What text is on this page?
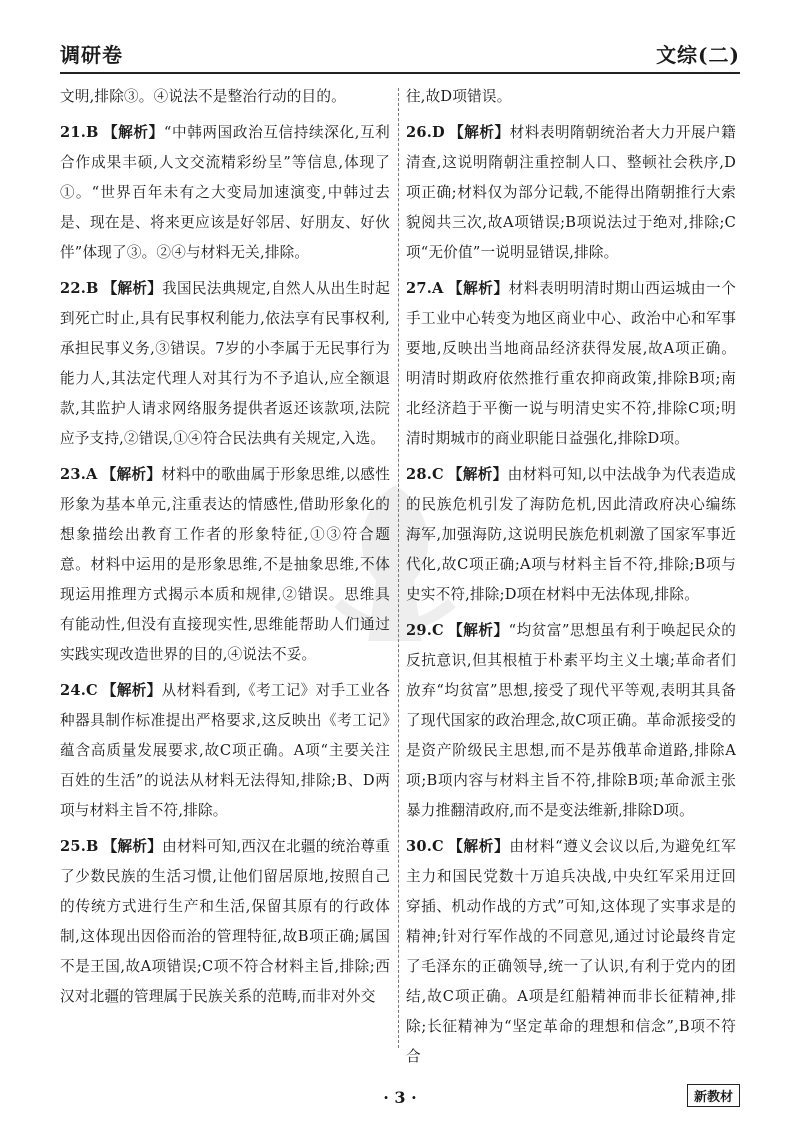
调研卷	文综(二)

文明,排除③。④说法不是整治行动的目的。

21.B 【解析】“中韩两国政治互信持续深化,互利合作成果丰硕,人文交流精彩纷呈”等信息,体现了①。“世界百年未有之大变局加速演变,中韩过去是、现在是、将来更应该是好邻居、好朋友、好伙伴”体现了③。②④与材料无关,排除。

22.B 【解析】我国民法典规定,自然人从出生时起到死亡时止,具有民事权利能力,依法享有民事权利,承担民事义务,③错误。7岁的小李属于无民事行为能力人,其法定代理人对其行为不予追认,应全额退款,其监护人请求网络服务提供者返还该款项,法院应予支持,②错误,①④符合民法典有关规定,入选。

23.A 【解析】材料中的歌曲属于形象思维,以感性形象为基本单元,注重表达的情感性,借助形象化的想象描绘出教育工作者的形象特征,①③符合题意。材料中运用的是形象思维,不是抽象思维,不体现运用推理方式揭示本质和规律,②错误。思维具有能动性,但没有直接现实性,思维能帮助人们通过实践实现改造世界的目的,④说法不妥。

24.C 【解析】从材料看到,《考工记》对手工业各种器具制作标准提出严格要求,这反映出《考工记》蕴含高质量发展要求,故C项正确。A项“主要关注百姓的生活”的说法从材料无法得知,排除;B、D两项与材料主旨不符,排除。

25.B 【解析】由材料可知,西汉在北疆的统治尊重了少数民族的生活习惯,让他们留居原地,按照自己的传统方式进行生产和生活,保留其原有的行政体制,这体现出因俗而治的管理特征,故B项正确;属国不是王国,故A项错误;C项不符合材料主旨,排除;西汉对北疆的管理属于民族关系的范畴,而非对外交

往,故D项错误。

26.D 【解析】材料表明隋朝统治者大力开展户籍清查,这说明隋朝注重控制人口、整顿社会秩序,D项正确;材料仅为部分记载,不能得出隋朝推行大索貌阅共三次,故A项错误;B项说法过于绝对,排除;C项“无价值”一说明显错误,排除。

27.A 【解析】材料表明明清时期山西运城由一个手工业中心转变为地区商业中心、政治中心和军事要地,反映出当地商品经济获得发展,故A项正确。明清时期政府依然推行重农抑商政策,排除B项;南北经济趋于平衡一说与明清史实不符,排除C项;明清时期城市的商业职能日益强化,排除D项。

28.C 【解析】由材料可知,以中法战争为代表造成的民族危机引发了海防危机,因此清政府决心编练海军,加强海防,这说明民族危机刺激了国家军事近代化,故C项正确;A项与材料主旨不符,排除;B项与史实不符,排除;D项在材料中无法体现,排除。

29.C 【解析】“均贫富”思想虽有利于唤起民众的反抗意识,但其根植于朴素平均主义土壤;革命者们放弃“均贫富”思想,接受了现代平等观,表明其具备了现代国家的政治理念,故C项正确。革命派接受的是资产阶级民主思想,而不是苏俄革命道路,排除A项;B项内容与材料主旨不符,排除B项;革命派主张暴力推翻清政府,而不是变法维新,排除D项。

30.C 【解析】由材料“遵义会议以后,为避免红军主力和国民党数十万追兵决战,中央红军采用迂回穿插、机动作战的方式”可知,这体现了实事求是的精神;针对行军作战的不同意见,通过讨论最终肯定了毛泽东的正确领导,统一了认识,有利于党内的团结,故C项正确。A项是红船精神而非长征精神,排除;长征精神为“坚定革命的理想和信念”,B项不符合

· 3 ·	新教材
